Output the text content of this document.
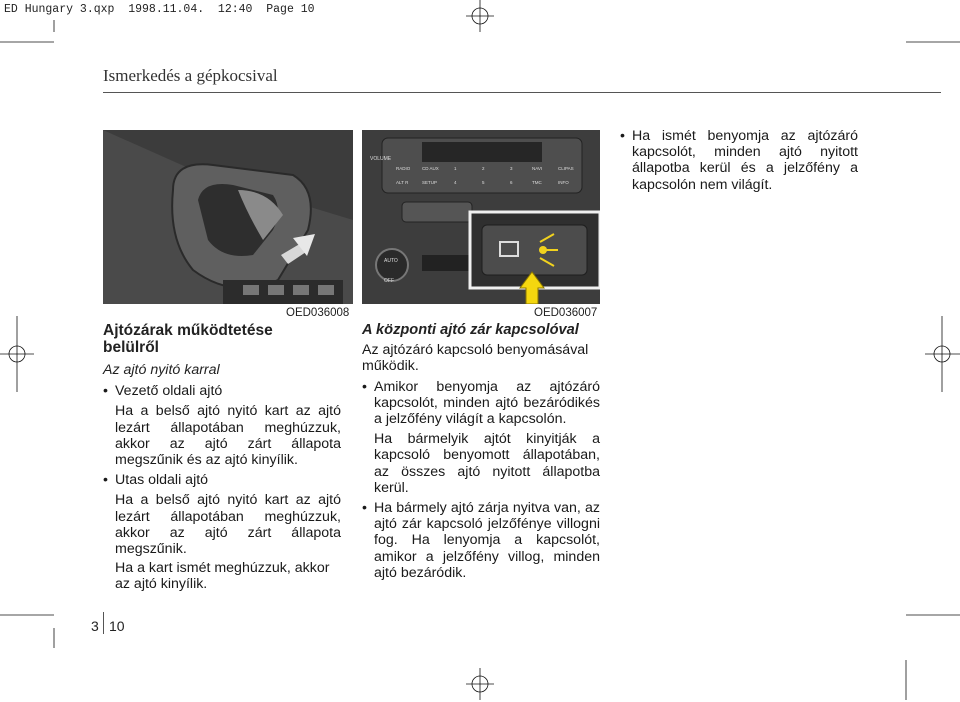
ED Hungary 3.qxp  1998.11.04.  12:40  Page 10
Ismerkedés a gépkocsival
OED036008
VOLUME
RADIO	CD AUX	1	2	3	NAVI	CLIPAS
ALT R	SETUP	4	5	6	TMC	INFO
AUTO
OFF
OED036007
Ajtózárak működtetése belülről
Az ajtó nyitó karral

• Vezető oldali ajtó

Ha a belső ajtó nyitó kart az ajtó lezárt állapotában meghúzzuk, akkor az ajtó zárt állapota megszűnik és az ajtó kinyílik.

• Utas oldali ajtó

Ha a belső ajtó nyitó kart az ajtó lezárt állapotában meghúzzuk, akkor az ajtó zárt állapota megszűnik.

Ha a kart ismét meghúzzuk, akkor az ajtó kinyílik.

A központi ajtó zár kapcsolóval

Az ajtózáró kapcsoló benyomásával működik.

• Amikor benyomja az ajtózáró kapcsolót, minden ajtó bezáródikés a jelzőfény világít a kapcsolón.

Ha bármelyik ajtót kinyitják a kapcsoló benyomott állapotában, az összes ajtó nyitott állapotba kerül.

• Ha bármely ajtó zárja nyitva van, az ajtó zár kapcsoló jelzőfénye villogni fog. Ha lenyomja a kapcsolót, amikor a jelzőfény villog, minden ajtó bezáródik.

• Ha ismét benyomja az ajtózáró kapcsolót, minden ajtó nyitott állapotba kerül és a jelzőfény a kapcsolón nem világít.

3 10
